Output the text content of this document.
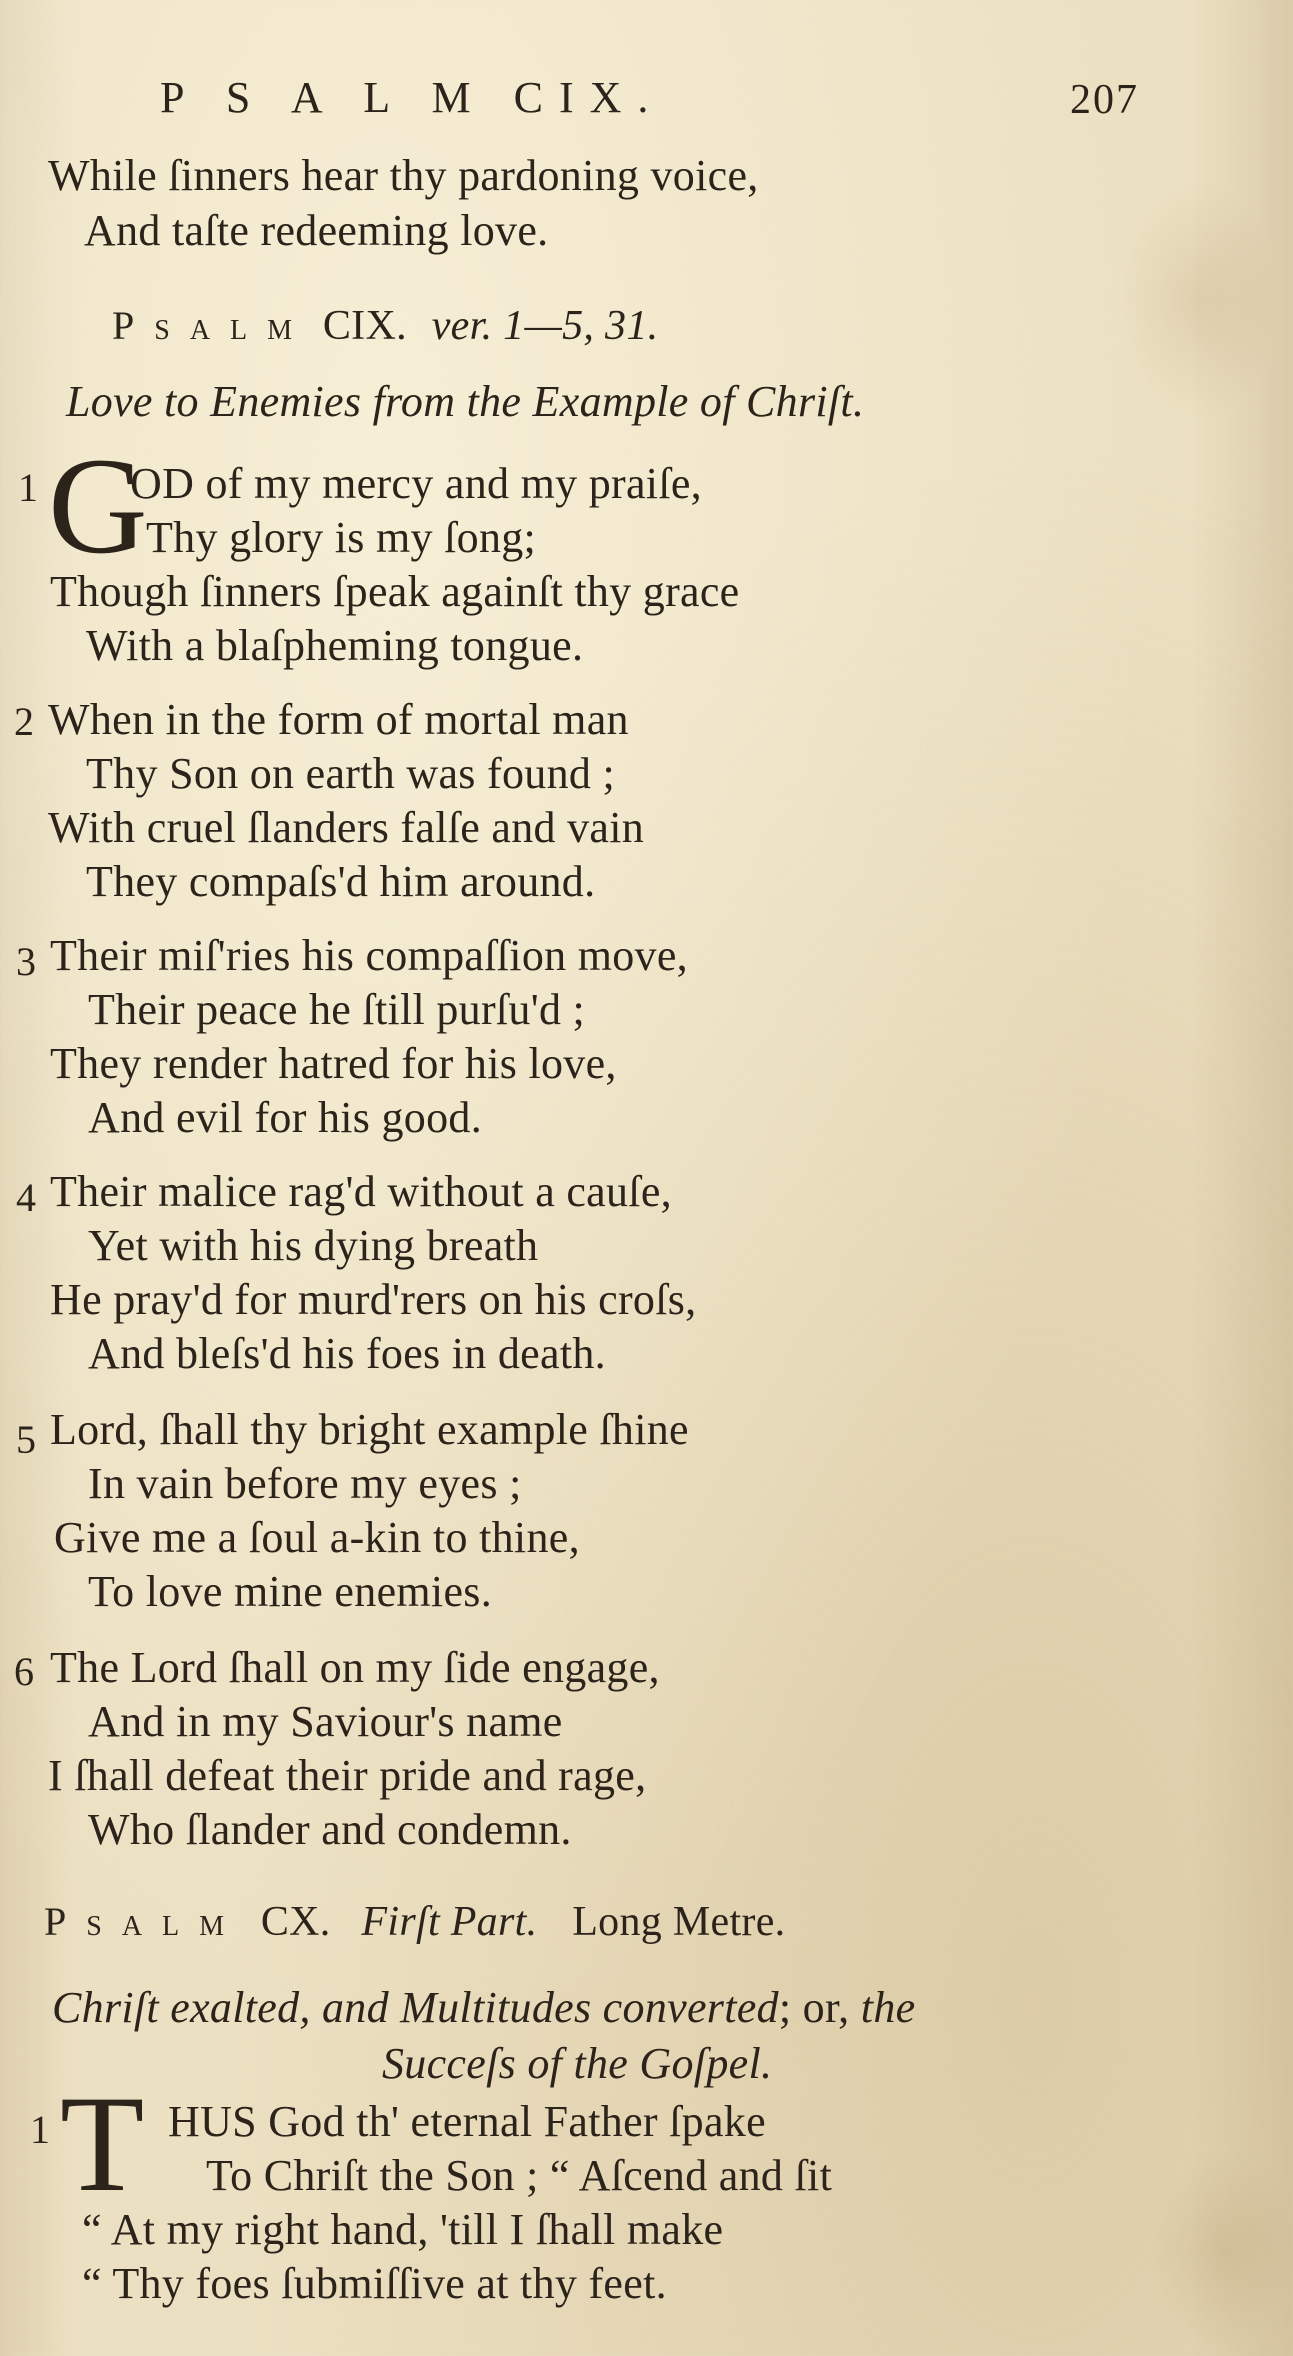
P S A L M CIX.	207
While ſinners hear thy pardoning voice,
And taſte redeeming love.
Psalm CIX. ver. 1—5, 31.
Love to Enemies from the Example of Chriſt.
1 G
OD of my mercy and my praiſe,
Thy glory is my ſong;
Though ſinners ſpeak againſt thy grace
With a blaſpheming tongue.
2 When in the form of mortal man
Thy Son on earth was found ;
With cruel ſlanders falſe and vain
They compaſs'd him around.
3 Their miſ'ries his compaſſion move,
Their peace he ſtill purſu'd ;
They render hatred for his love,
And evil for his good.
4 Their malice rag'd without a cauſe,
Yet with his dying breath
He pray'd for murd'rers on his croſs,
And bleſs'd his foes in death.
5 Lord, ſhall thy bright example ſhine
In vain before my eyes ;
Give me a ſoul a-kin to thine,
To love mine enemies.
6 The Lord ſhall on my ſide engage,
And in my Saviour's name
I ſhall defeat their pride and rage,
Who ſlander and condemn.
Psalm CX. Firſt Part. Long Metre.
Chriſt exalted, and Multitudes converted; or, the
Succeſs of the Goſpel.
1 T HUS God th' eternal Father ſpake
To Chriſt the Son ; “ Aſcend and ſit
“ At my right hand, 'till I ſhall make
“ Thy foes ſubmiſſive at thy feet.
